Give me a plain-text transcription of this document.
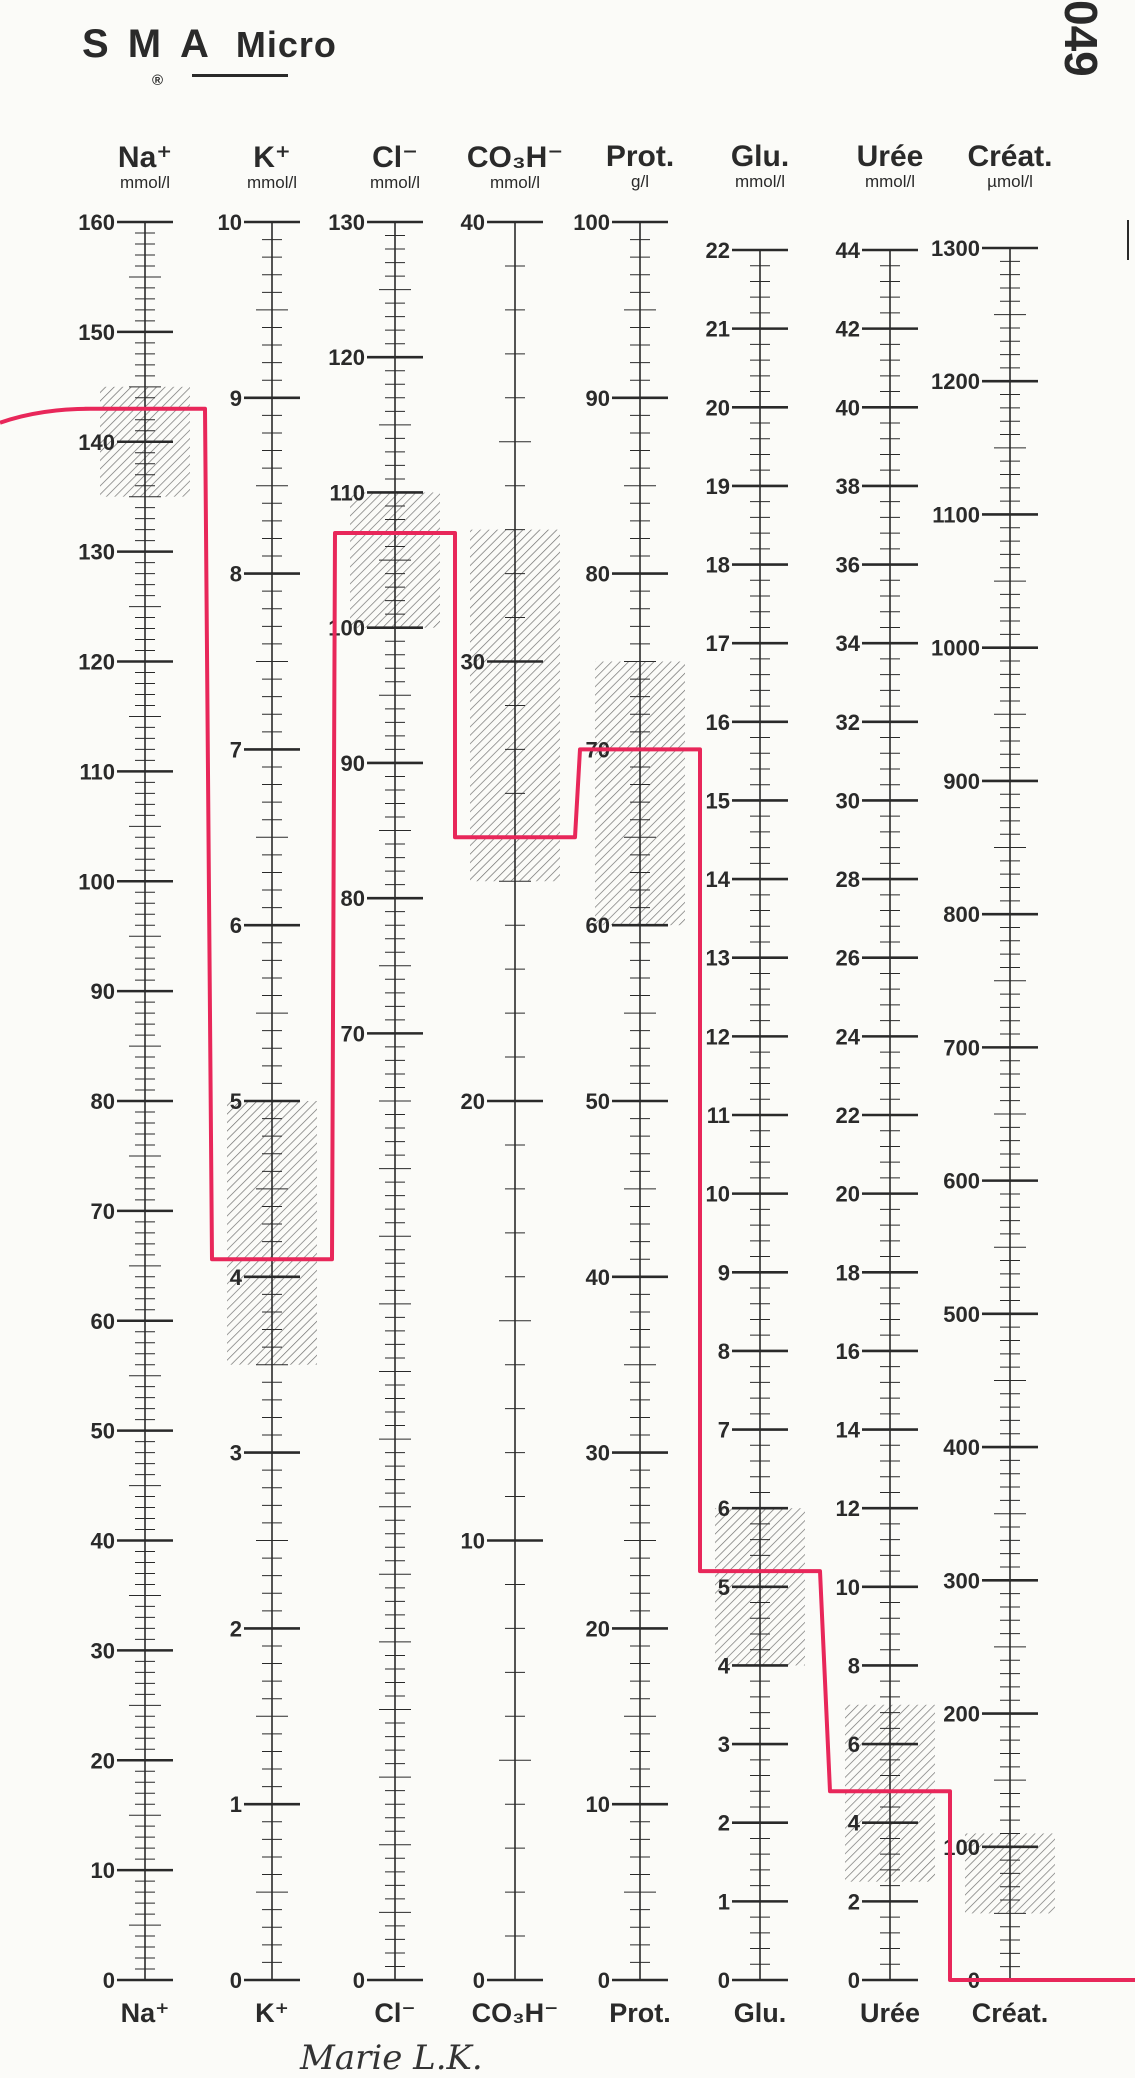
0
10
20
30
40
50
60
70
80
90
100
110
120
130
140
150
160
0
1
2
3
4
5
6
7
8
9
10
0
70
80
90
100
110
120
130
0
10
20
30
40
0
10
20
30
40
50
60
70
80
90
100
0
1
2
3
4
5
6
7
8
9
10
11
12
13
14
15
16
17
18
19
20
21
22
0
2
4
6
8
10
12
14
16
18
20
22
24
26
28
30
32
34
36
38
40
42
44
0
100
200
300
400
500
600
700
800
900
1000
1100
1200
1300
S M A Micro
®
049
Na⁺
mmol/l
K⁺
mmol/l
Cl⁻
mmol/l
CO₃H⁻
mmol/l
Prot.
g/l
Glu.
mmol/l
Urée
mmol/l
Créat.
µmol/l
Na⁺	K⁺	Cl⁻	CO₃H⁻	Prot.	Glu.	Urée	Créat.
Marie L.K.
